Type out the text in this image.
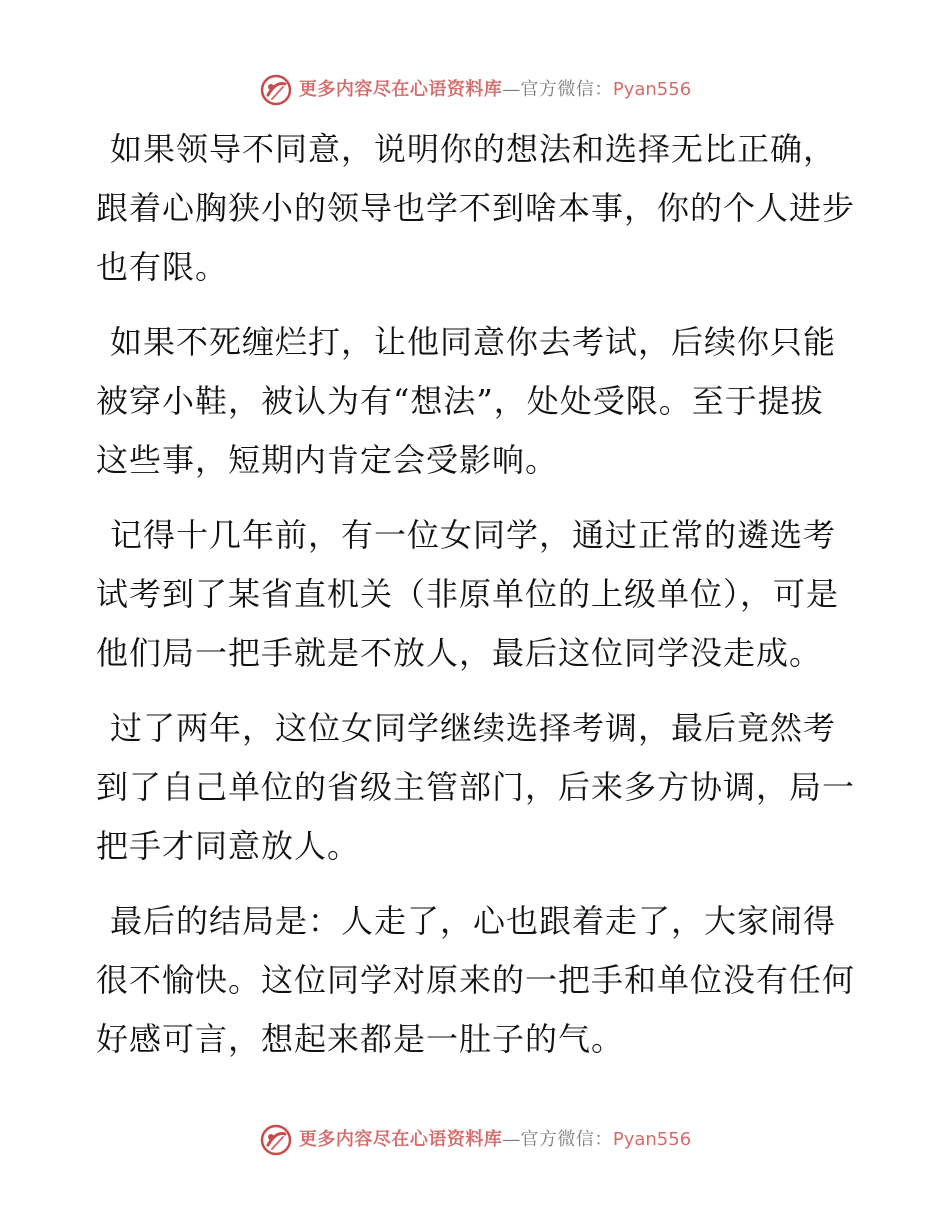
更多内容尽在心语资料库 — 官方微信： Pyan556

如果领导不同意，说明你的想法和选择无比正确，跟着心胸狭小的领导也学不到啥本事，你的个人进步也有限。

如果不死缠烂打，让他同意你去考试，后续你只能被穿小鞋，被认为有“想法”，处处受限。至于提拔这些事，短期内肯定会受影响。

记得十几年前，有一位女同学，通过正常的遴选考试考到了某省直机关（非原单位的上级单位），可是他们局一把手就是不放人，最后这位同学没走成。

过了两年，这位女同学继续选择考调，最后竟然考到了自己单位的省级主管部门，后来多方协调，局一把手才同意放人。

最后的结局是：人走了，心也跟着走了，大家闹得很不愉快。这位同学对原来的一把手和单位没有任何好感可言，想起来都是一肚子的气。

更多内容尽在心语资料库 — 官方微信： Pyan556
